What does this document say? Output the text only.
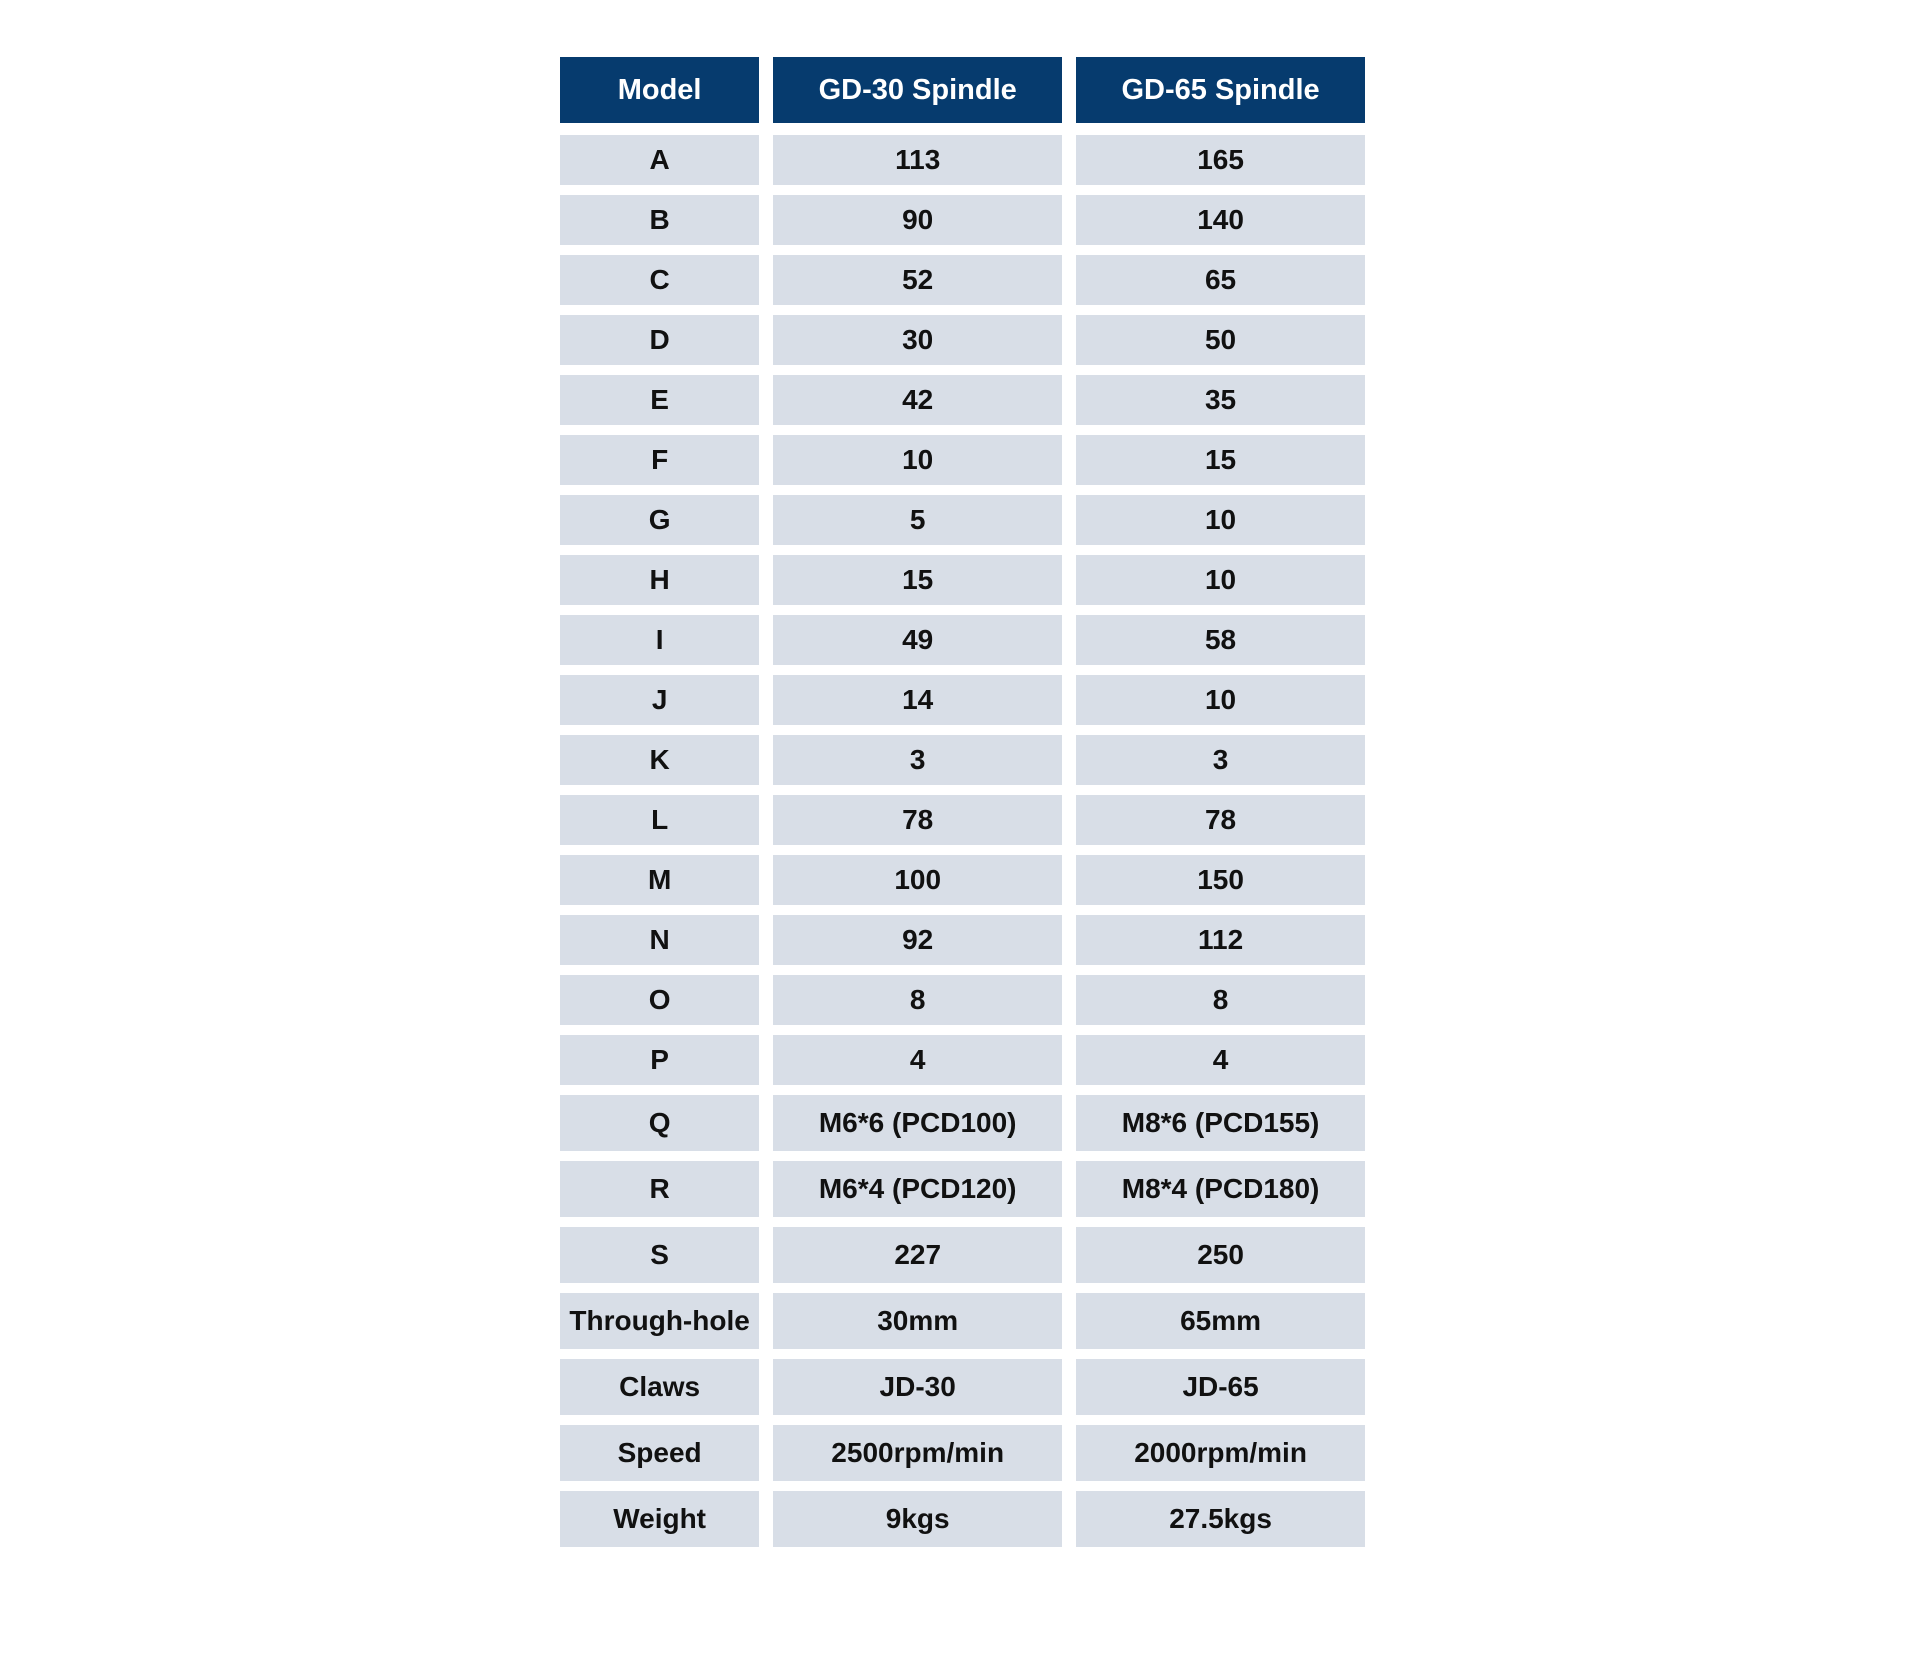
Model	GD-30 Spindle	GD-65 Spindle
A	113	165
B	90	140
C	52	65
D	30	50
E	42	35
F	10	15
G	5	10
H	15	10
I	49	58
J	14	10
K	3	3
L	78	78
M	100	150
N	92	112
O	8	8
P	4	4
Q	M6*6 (PCD100)	M8*6 (PCD155)
R	M6*4 (PCD120)	M8*4 (PCD180)
S	227	250
Through-hole	30mm	65mm
Claws	JD-30	JD-65
Speed	2500rpm/min	2000rpm/min
Weight	9kgs	27.5kgs
